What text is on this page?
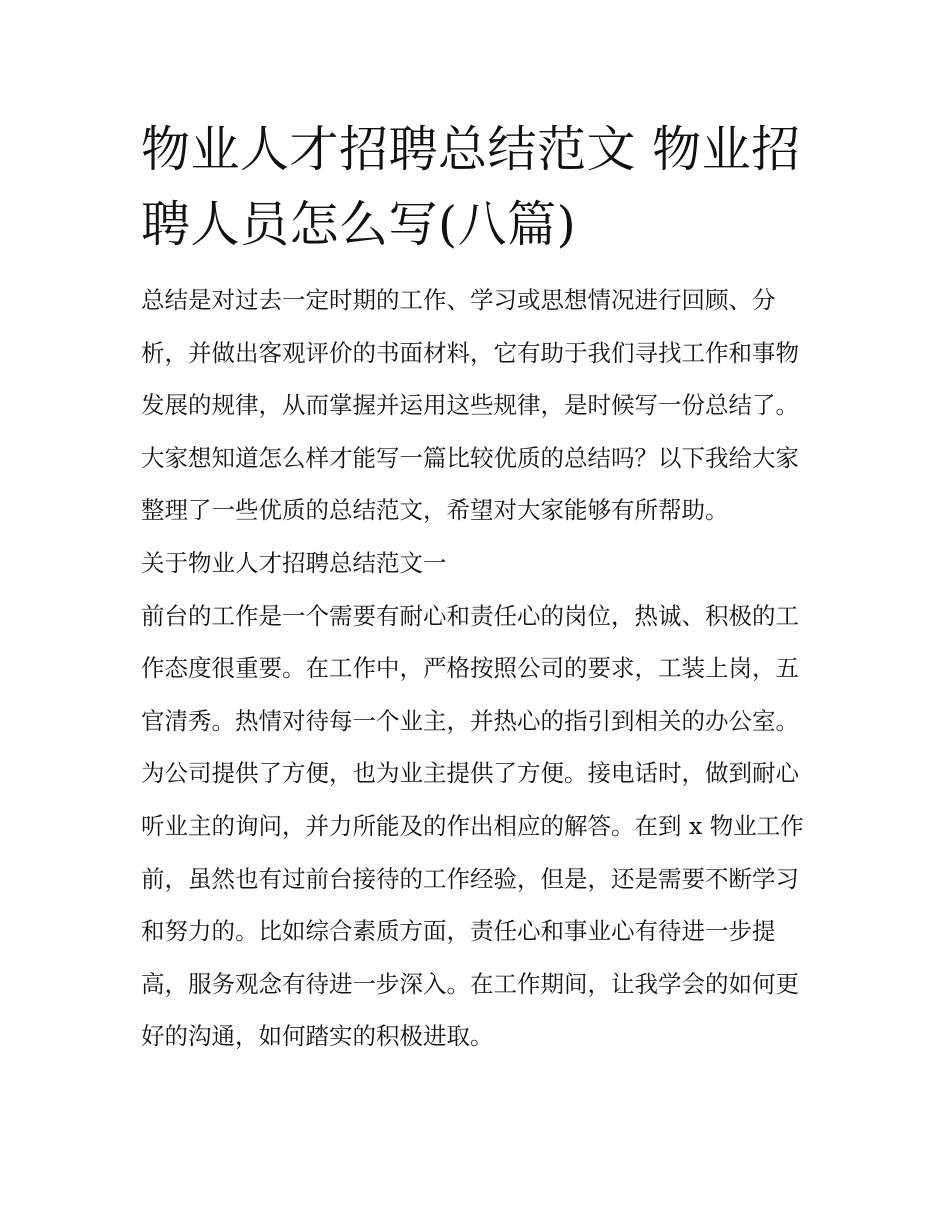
物业人才招聘总结范文 物业招聘人员怎么写(八篇)

总结是对过去一定时期的工作、学习或思想情况进行回顾、分析，并做出客观评价的书面材料，它有助于我们寻找工作和事物发展的规律，从而掌握并运用这些规律，是时候写一份总结了。大家想知道怎么样才能写一篇比较优质的总结吗？以下我给大家整理了一些优质的总结范文，希望对大家能够有所帮助。

关于物业人才招聘总结范文一

前台的工作是一个需要有耐心和责任心的岗位，热诚、积极的工作态度很重要。在工作中，严格按照公司的要求，工装上岗，五官清秀。热情对待每一个业主，并热心的指引到相关的办公室。为公司提供了方便，也为业主提供了方便。接电话时，做到耐心听业主的询问，并力所能及的作出相应的解答。在到 x 物业工作前，虽然也有过前台接待的工作经验，但是，还是需要不断学习和努力的。比如综合素质方面，责任心和事业心有待进一步提高，服务观念有待进一步深入。在工作期间，让我学会的如何更好的沟通，如何踏实的积极进取。
